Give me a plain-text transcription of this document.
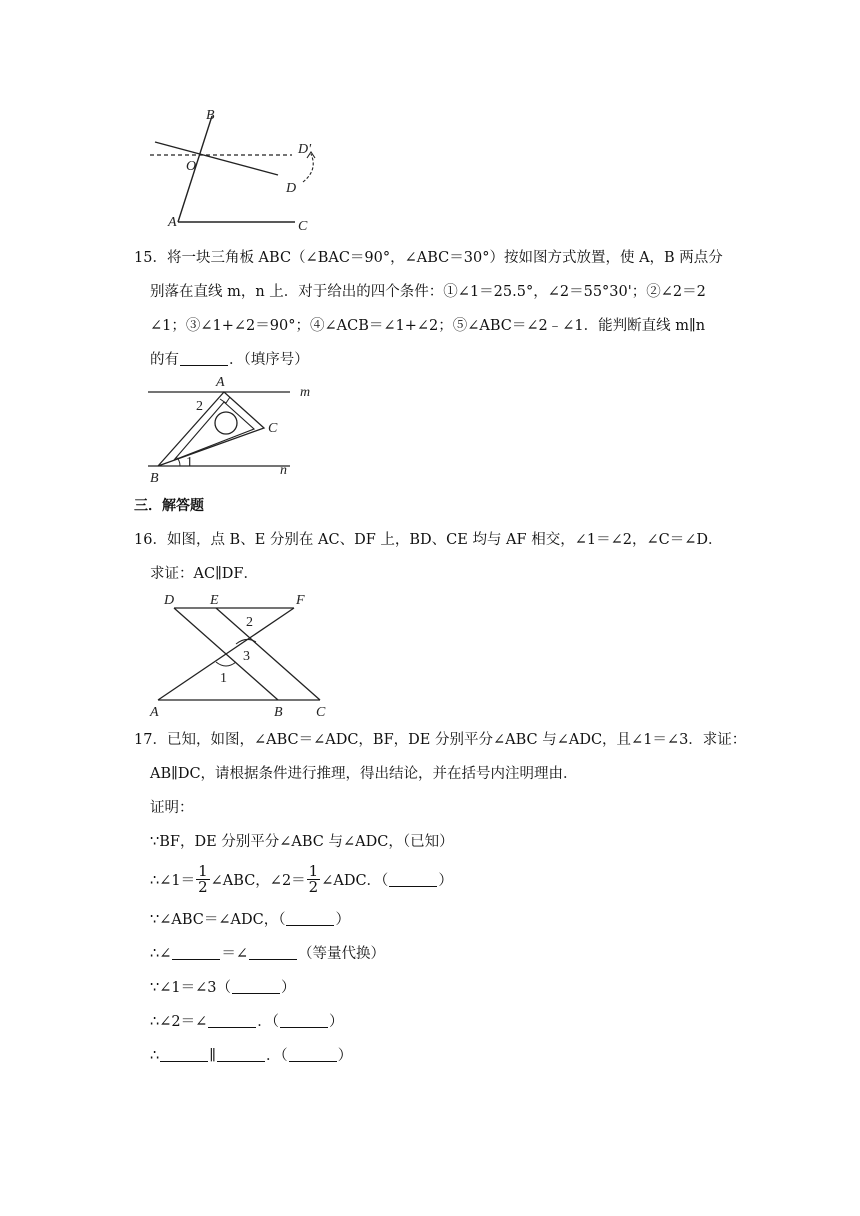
B
O
D'
D
A	C
15．将一块三角板 ABC（∠BAC＝90°，∠ABC＝30°）按如图方式放置，使 A，B 两点分
别落在直线 m，n 上．对于给出的四个条件：①∠1＝25.5°，∠2＝55°30'；②∠2＝2
∠1；③∠1+∠2＝90°；④∠ACB＝∠1+∠2；⑤∠ABC＝∠2﹣∠1．能判断直线 m∥n
的有	．（填序号）
A
m
2
C
B
1
n
三．解答题
16．如图，点 B、E 分别在 AC、DF 上，BD、CE 均与 AF 相交，∠1＝∠2，∠C＝∠D．
求证：AC∥DF．
D	E	F
2
3
1
A	B C
17．已知，如图，∠ABC＝∠ADC，BF，DE 分别平分∠ABC 与∠ADC，且∠1＝∠3．求证：
AB∥DC，请根据条件进行推理，得出结论，并在括号内注明理由．
证明：
∵BF，DE 分别平分∠ABC 与∠ADC，（已知）
∴∠1＝ $\frac{1}{2}$ ∠ABC，∠2＝ $\frac{1}{2}$ ∠ADC．（	）
∵∠ABC＝∠ADC，（	）
∴∠	＝∠	（等量代换）
∵∠1＝∠3（	）
∴∠2＝∠	．（	）
∴	∥	．（	）
